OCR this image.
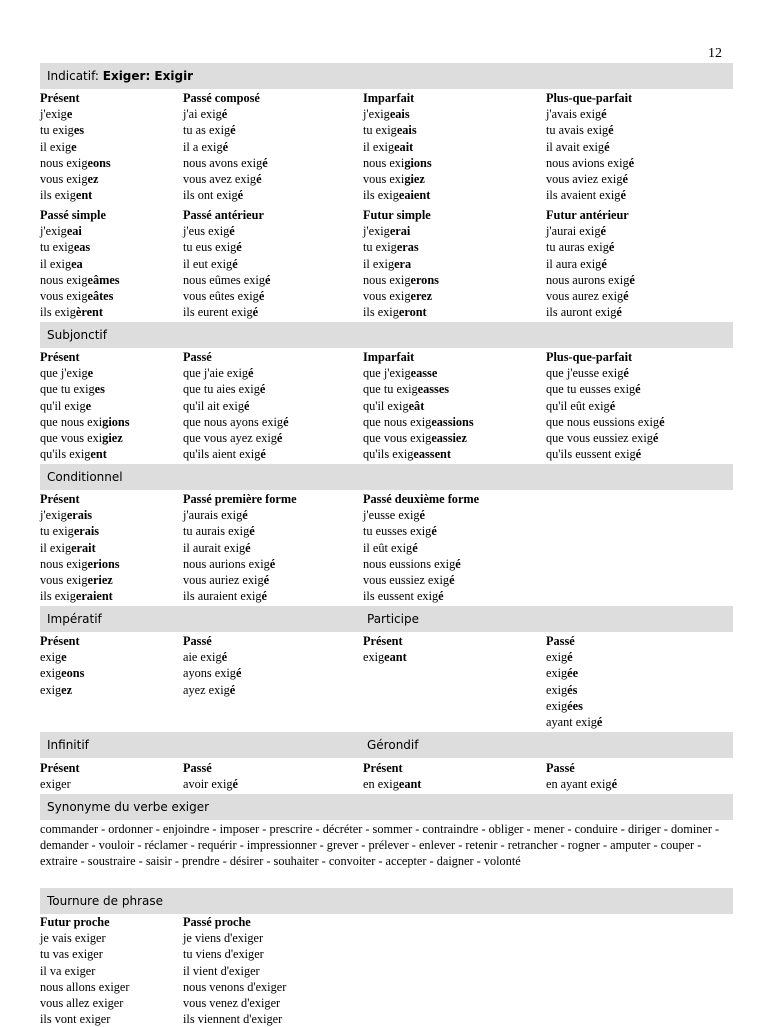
12
Indicatif: Exiger: Exigir
Présent
j'exige
tu exiges
il exige
nous exigeons
vous exigez
ils exigent
Passé composé
j'ai exigé
tu as exigé
il a exigé
nous avons exigé
vous avez exigé
ils ont exigé
Imparfait
j'exigeais
tu exigeais
il exigeait
nous exigions
vous exigiez
ils exigeaient
Plus-que-parfait
j'avais exigé
tu avais exigé
il avait exigé
nous avions exigé
vous aviez exigé
ils avaient exigé
Passé simple
j'exigeai
tu exigeas
il exigea
nous exigeâmes
vous exigeâtes
ils exigèrent
Passé antérieur
j'eus exigé
tu eus exigé
il eut exigé
nous eûmes exigé
vous eûtes exigé
ils eurent exigé
Futur simple
j'exigerai
tu exigeras
il exigera
nous exigerons
vous exigerez
ils exigeront
Futur antérieur
j'aurai exigé
tu auras exigé
il aura exigé
nous aurons exigé
vous aurez exigé
ils auront exigé
Subjonctif
Présent
que j'exige
que tu exiges
qu'il exige
que nous exigions
que vous exigiez
qu'ils exigent
Passé
que j'aie exigé
que tu aies exigé
qu'il ait exigé
que nous ayons exigé
que vous ayez exigé
qu'ils aient exigé
Imparfait
que j'exigeasse
que tu exigeasses
qu'il exigeât
que nous exigeassions
que vous exigeassiez
qu'ils exigeassent
Plus-que-parfait
que j'eusse exigé
que tu eusses exigé
qu'il eût exigé
que nous eussions exigé
que vous eussiez exigé
qu'ils eussent exigé
Conditionnel
Présent
j'exigerais
tu exigerais
il exigerait
nous exigerions
vous exigeriez
ils exigeraient
Passé première forme
j'aurais exigé
tu aurais exigé
il aurait exigé
nous aurions exigé
vous auriez exigé
ils auraient exigé
Passé deuxième forme
j'eusse exigé
tu eusses exigé
il eût exigé
nous eussions exigé
vous eussiez exigé
ils eussent exigé
Impératif	Participe
Présent
exige
exigeons
exigez
Passé
aie exigé
ayons exigé
ayez exigé
Présent
exigeant
Passé
exigé
exigée
exigés
exigées
ayant exigé
Infinitif	Gérondif
Présent
exiger
Passé
avoir exigé
Présent
en exigeant
Passé
en ayant exigé
Synonyme du verbe exiger
commander - ordonner - enjoindre - imposer - prescrire - décréter - sommer - contraindre - obliger - mener - conduire - diriger - dominer - demander - vouloir - réclamer - requérir - impressionner - grever - prélever - enlever - retenir - retrancher - rogner - amputer - couper - extraire - soustraire - saisir - prendre - désirer - souhaiter - convoiter - accepter - daigner - volonté
Tournure de phrase
Futur proche
je vais exiger
tu vas exiger
il va exiger
nous allons exiger
vous allez exiger
ils vont exiger
Passé proche
je viens d'exiger
tu viens d'exiger
il vient d'exiger
nous venons d'exiger
vous venez d'exiger
ils viennent d'exiger
